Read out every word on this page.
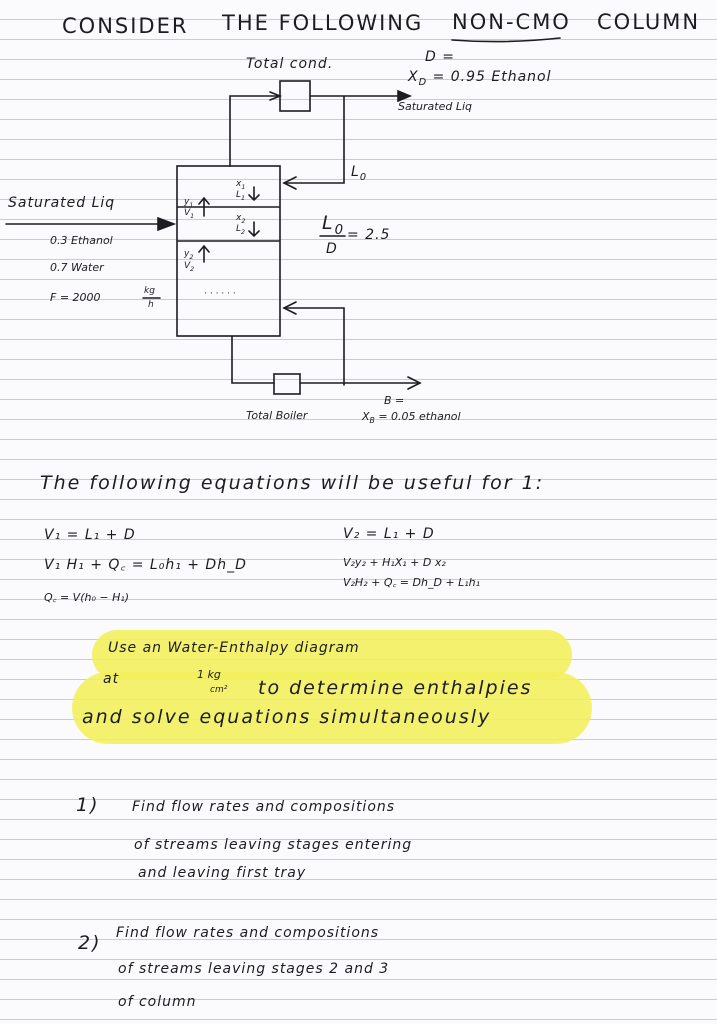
CONSIDER THE FOLLOWING NON-CMO COLUMN
Total cond.	D =
$X_D = 0.95$ Ethanol
Saturated Liq
$L_0$
$L_0$
D
= 2.5
Saturated Liq
0.3 Ethanol
0.7 Water
F = 2000	kg
h
$y_1$
$V_1$
$x_1$
$L_1$
$x_2$
$L_2$
$y_2$
$V_2$
· · · · · ·
Total Boiler
B =
$X_B = 0.05$ ethanol
The following equations will be useful for 1:
V₁ = L₁ + D
V₁ H₁ + Q꜀ = L₀h₁ + Dh_D
Q꜀ = V(h₀ − H₁)
V₂ = L₁ + D
V₂y₂ + H₁X₁ + D x₂
V₂H₂ + Q꜀ = Dh_D + L₁h₁
Use an Water-Enthalpy diagram
at	1 kg
cm² to determine enthalpies
and solve equations simultaneously
1) Find flow rates and compositions
of streams leaving stages entering
and leaving first tray
2) Find flow rates and compositions
of streams leaving stages 2 and 3
of column
